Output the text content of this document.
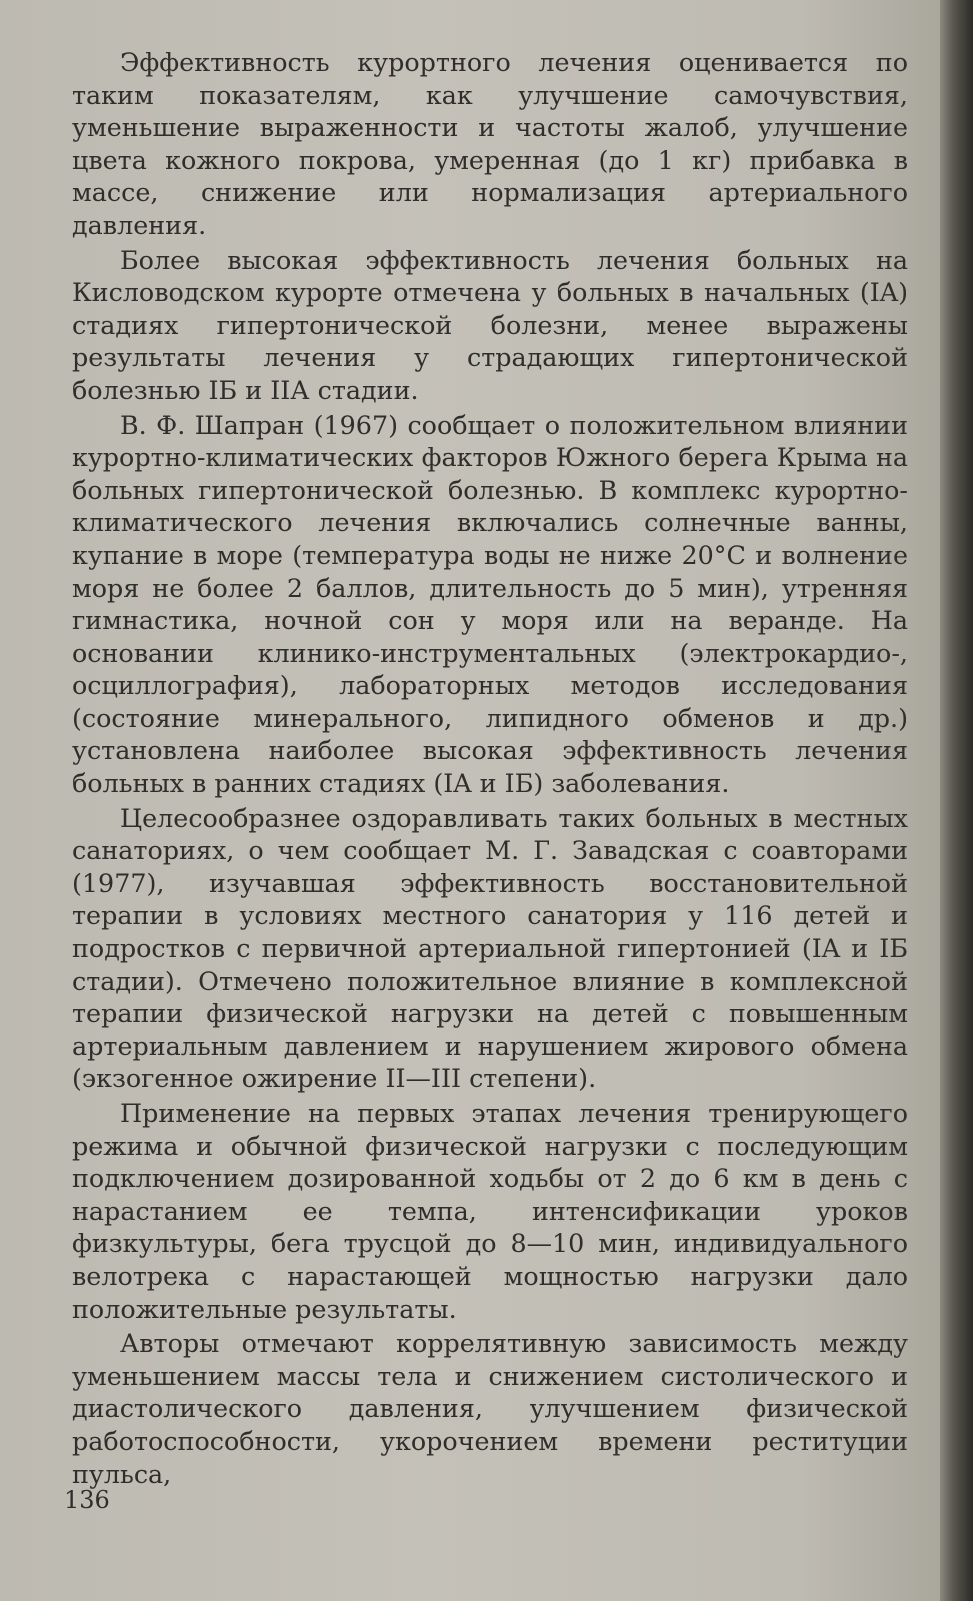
Эффективность курортного лечения оценивается по таким показателям, как улучшение самочувствия, уменьшение выраженности и частоты жалоб, улучшение цвета кожного покрова, умеренная (до 1 кг) прибавка в массе, снижение или нормализация артериального давления.

Более высокая эффективность лечения больных на Кисловодском курорте отмечена у больных в начальных (IA) стадиях гипертонической болезни, менее выражены результаты лечения у страдающих гипертонической болезнью IБ и IIА стадии.

В. Ф. Шапран (1967) сообщает о положительном влиянии курортно-климатических факторов Южного берега Крыма на больных гипертонической болезнью. В комплекс курортно-климатического лечения включались солнечные ванны, купание в море (температура воды не ниже 20°С и волнение моря не более 2 баллов, длительность до 5 мин), утренняя гимнастика, ночной сон у моря или на веранде. На основании клинико-инструментальных (электрокардио-, осциллография), лабораторных методов исследования (состояние минерального, липидного обменов и др.) установлена наиболее высокая эффективность лечения больных в ранних стадиях (IA и IБ) заболевания.

Целесообразнее оздоравливать таких больных в местных санаториях, о чем сообщает М. Г. Завадская с соавторами (1977), изучавшая эффективность восстановительной терапии в условиях местного санатория у 116 детей и подростков с первичной артериальной гипертонией (IA и IБ стадии). Отмечено положительное влияние в комплексной терапии физической нагрузки на детей с повышенным артериальным давлением и нарушением жирового обмена (экзогенное ожирение II—III степени).

Применение на первых этапах лечения тренирующего режима и обычной физической нагрузки с последующим подключением дозированной ходьбы от 2 до 6 км в день с нарастанием ее темпа, интенсификации уроков физкультуры, бега трусцой до 8—10 мин, индивидуального велотрека с нарастающей мощностью нагрузки дало положительные результаты.

Авторы отмечают коррелятивную зависимость между уменьшением массы тела и снижением систолического и диастолического давления, улучшением физической работоспособности, укорочением времени реституции пульса,

136
